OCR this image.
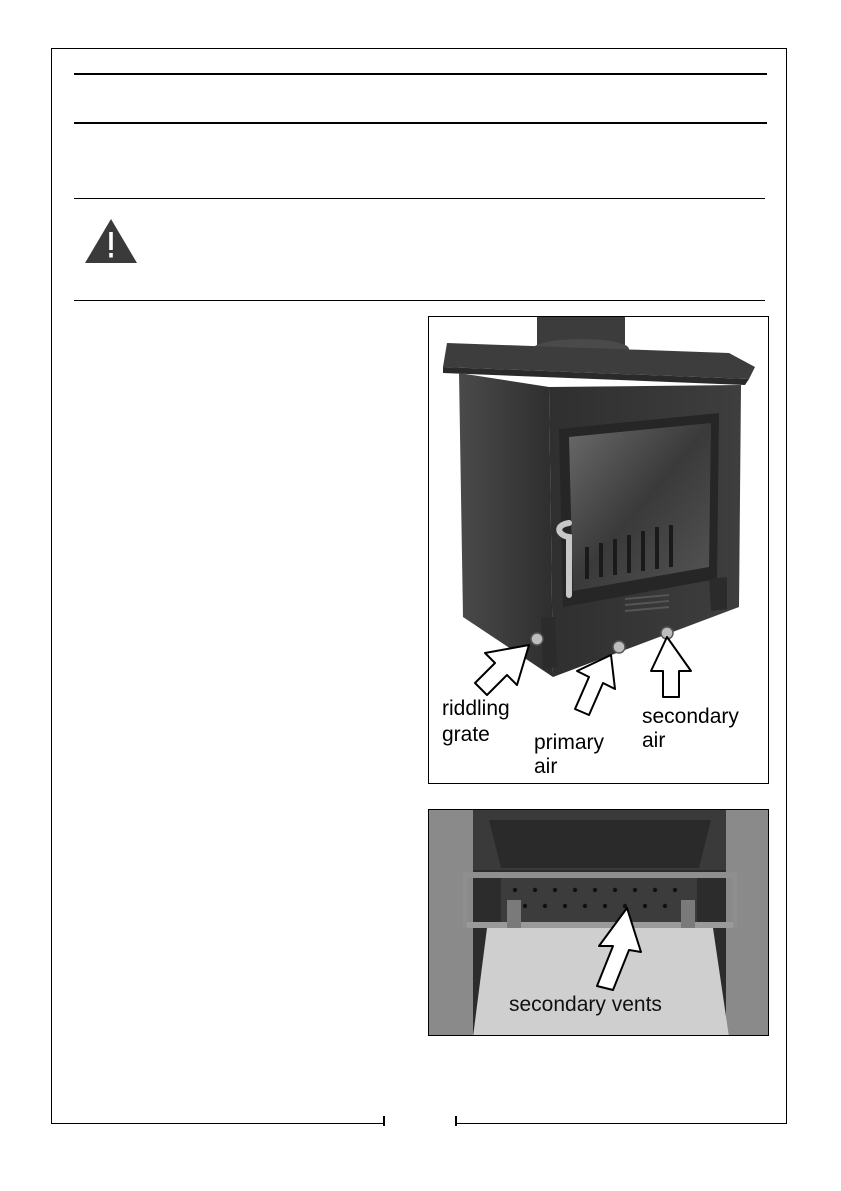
riddling
grate primary
air
secondary
air
secondary vents
